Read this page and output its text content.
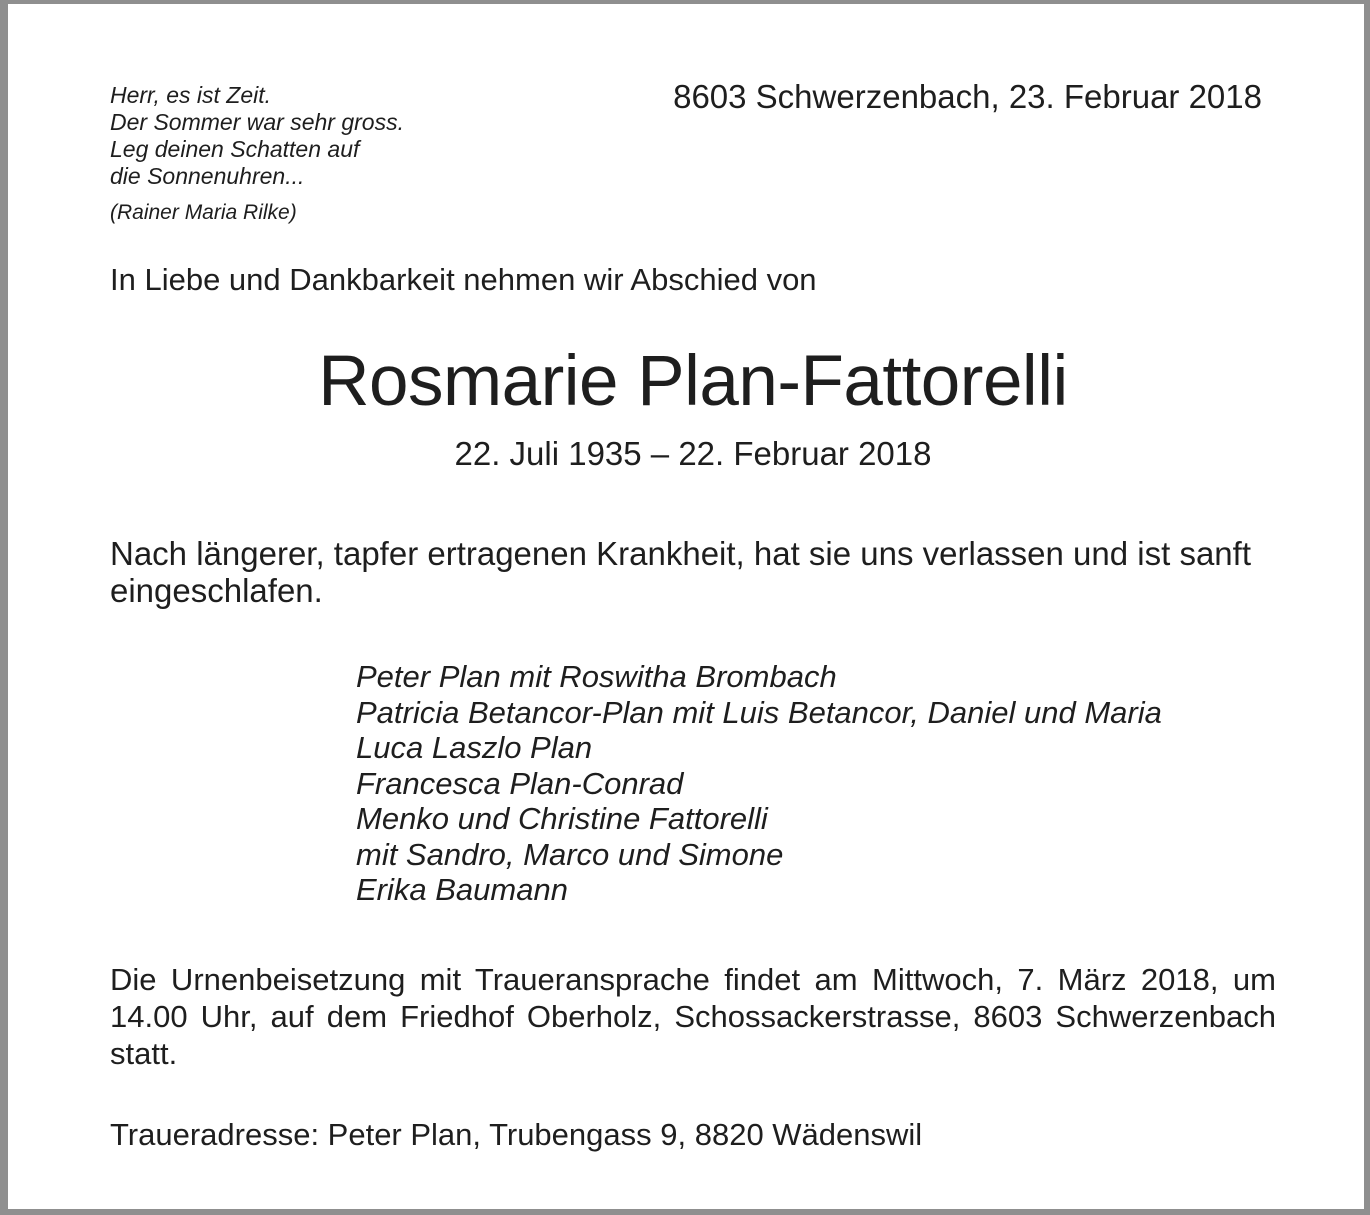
Herr, es ist Zeit.
Der Sommer war sehr gross.
Leg deinen Schatten auf
die Sonnenuhren...

(Rainer Maria Rilke)

8603 Schwerzenbach, 23. Februar 2018

In Liebe und Dankbarkeit nehmen wir Abschied von

Rosmarie Plan-Fattorelli

22. Juli 1935 – 22. Februar 2018

Nach längerer, tapfer ertragenen Krankheit, hat sie uns verlassen und ist sanft eingeschlafen.

Peter Plan mit Roswitha Brombach
Patricia Betancor-Plan mit Luis Betancor, Daniel und Maria
Luca Laszlo Plan
Francesca Plan-Conrad
Menko und Christine Fattorelli
mit Sandro, Marco und Simone
Erika Baumann

Die Urnenbeisetzung mit Traueransprache findet am Mittwoch, 7. März 2018, um 14.00 Uhr, auf dem Friedhof Oberholz, Schossackerstrasse, 8603 Schwerzenbach statt.

Traueradresse: Peter Plan, Trubengass 9, 8820 Wädenswil
